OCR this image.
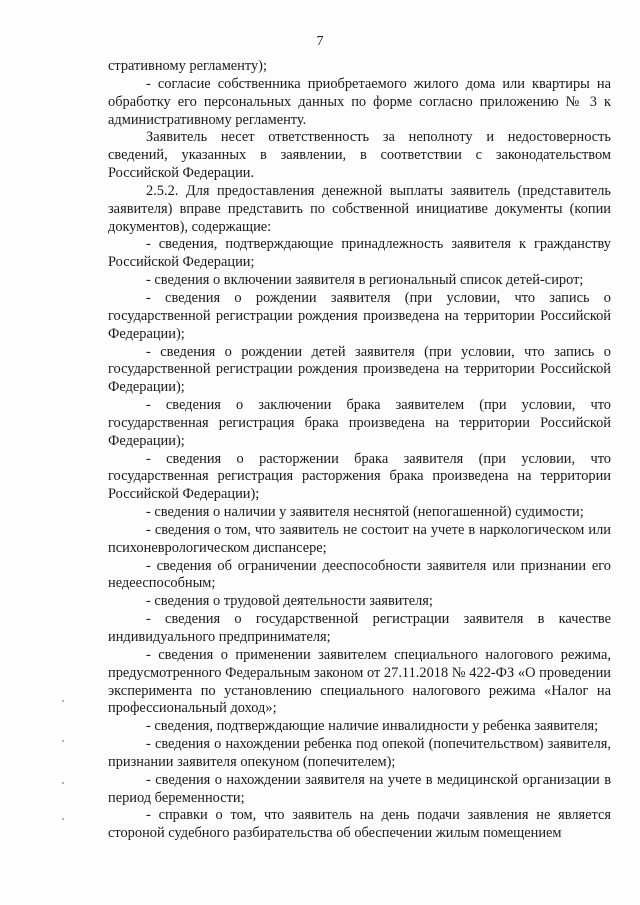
7

стративному регламенту);

- согласие собственника приобретаемого жилого дома или квартиры на обработку его персональных данных по форме согласно приложению № 3 к административному регламенту.

Заявитель несет ответственность за неполноту и недостоверность сведений, указанных в заявлении, в соответствии с законодательством Российской Федерации.

2.5.2. Для предоставления денежной выплаты заявитель (представитель заявителя) вправе представить по собственной инициативе документы (копии документов), содержащие:

- сведения, подтверждающие принадлежность заявителя к гражданству Российской Федерации;

- сведения о включении заявителя в региональный список детей-сирот;

- сведения о рождении заявителя (при условии, что запись о государственной регистрации рождения произведена на территории Российской Федерации);

- сведения о рождении детей заявителя (при условии, что запись о государственной регистрации рождения произведена на территории Российской Федерации);

- сведения о заключении брака заявителем (при условии, что государственная регистрация брака произведена на территории Российской Федерации);

- сведения о расторжении брака заявителя (при условии, что государственная регистрация расторжения брака произведена на территории Российской Федерации);

- сведения о наличии у заявителя неснятой (непогашенной) судимости;

- сведения о том, что заявитель не состоит на учете в наркологическом или психоневрологическом диспансере;

- сведения об ограничении дееспособности заявителя или признании его недееспособным;

- сведения о трудовой деятельности заявителя;

- сведения о государственной регистрации заявителя в качестве индивидуального предпринимателя;

- сведения о применении заявителем специального налогового режима, предусмотренного Федеральным законом от 27.11.2018 № 422-ФЗ «О проведении эксперимента по установлению специального налогового режима «Налог на профессиональный доход»;

- сведения, подтверждающие наличие инвалидности у ребенка заявителя;

- сведения о нахождении ребенка под опекой (попечительством) заявителя, признании заявителя опекуном (попечителем);

- сведения о нахождении заявителя на учете в медицинской организации в период беременности;

- справки о том, что заявитель на день подачи заявления не является стороной судебного разбирательства об обеспечении жилым помещением
